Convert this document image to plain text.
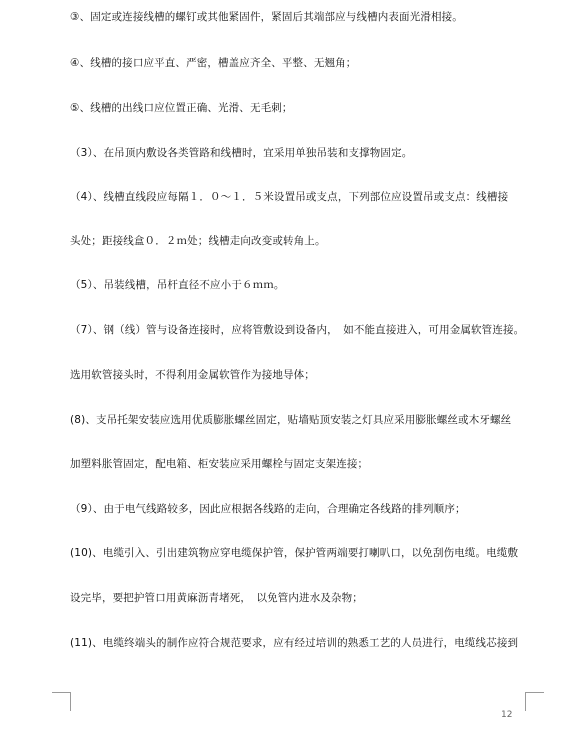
③、固定或连接线槽的螺钉或其他紧固件，紧固后其端部应与线槽内表面光滑相接。
④、线槽的接口应平直、严密，槽盖应齐全、平整、无翘角；
⑤、线槽的出线口应位置正确、光滑、无毛刺；
（3）、在吊顶内敷设各类管路和线槽时，宜采用单独吊装和支撑物固定。
（4）、线槽直线段应每隔１．０～１．５米设置吊或支点，下列部位应设置吊或支点：线槽接
头处；距接线盒０．２ｍ处；线槽走向改变或转角上。
（5）、吊装线槽，吊杆直径不应小于６ｍｍ。
（7）、钢（线）管与设备连接时，应将管敷设到设备内，　如不能直接进入，可用金属软管连接。
选用软管接头时，不得利用金属软管作为接地导体；
(8)、支吊托架安装应选用优质膨胀螺丝固定，贴墙贴顶安装之灯具应采用膨胀螺丝或木牙螺丝
加塑料胀管固定，配电箱、柜安装应采用螺栓与固定支架连接；
（9）、由于电气线路较多，因此应根据各线路的走向，合理确定各线路的排列顺序；
(10)、电缆引入、引出建筑物应穿电缆保护管，保护管两端要打喇叭口，以免刮伤电缆。电缆敷
设完毕，要把护管口用黄麻沥青堵死，　以免管内进水及杂物；
(11)、电缆终端头的制作应符合规范要求，应有经过培训的熟悉工艺的人员进行，电缆线芯接到
12
